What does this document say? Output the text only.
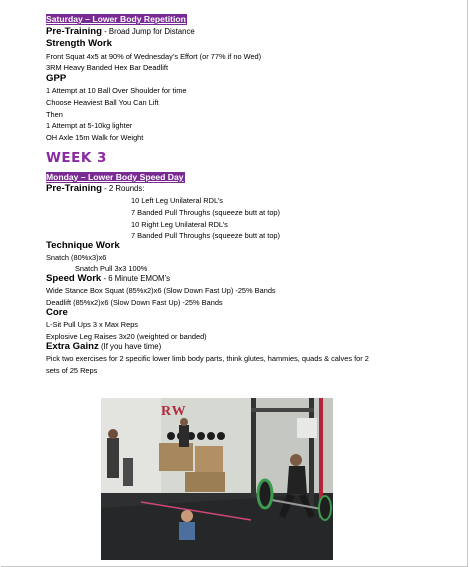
Saturday – Lower Body Repetition
Pre-Training - Broad Jump for Distance
Strength Work
Front Squat 4x5 at 90% of Wednesday’s Effort (or 77% if no Wed)
3RM Heavy Banded Hex Bar Deadlift
GPP
1 Attempt at 10 Ball Over Shoulder for time
Choose Heaviest Ball You Can Lift
Then
1 Attempt at 5-10kg lighter
OH Axle 15m Walk for Weight
WEEK 3
Monday – Lower Body Speed Day
Pre-Training - 2 Rounds:
10 Left Leg Unilateral RDL’s
7 Banded Pull Throughs (squeeze butt at top)
10 Right Leg Unilateral RDL’s
7 Banded Pull Throughs (squeeze butt at top)
Technique Work
Snatch (80%x3)x6
Snatch Pull 3x3 100%
Speed Work - 6 Minute EMOM’s
Wide Stance Box Squat (85%x2)x6 (Slow Down Fast Up) -25% Bands
Deadlift (85%x2)x6 (Slow Down Fast Up) -25% Bands
Core
L-Sit Pull Ups 3 x Max Reps
Explosive Leg Raises 3x20 (weighted or banded)
Extra Gainz (If you have time)
Pick two exercises for 2 specific lower limb body parts, think glutes, hammies, quads & calves for 2
sets of 25 Reps
RW
